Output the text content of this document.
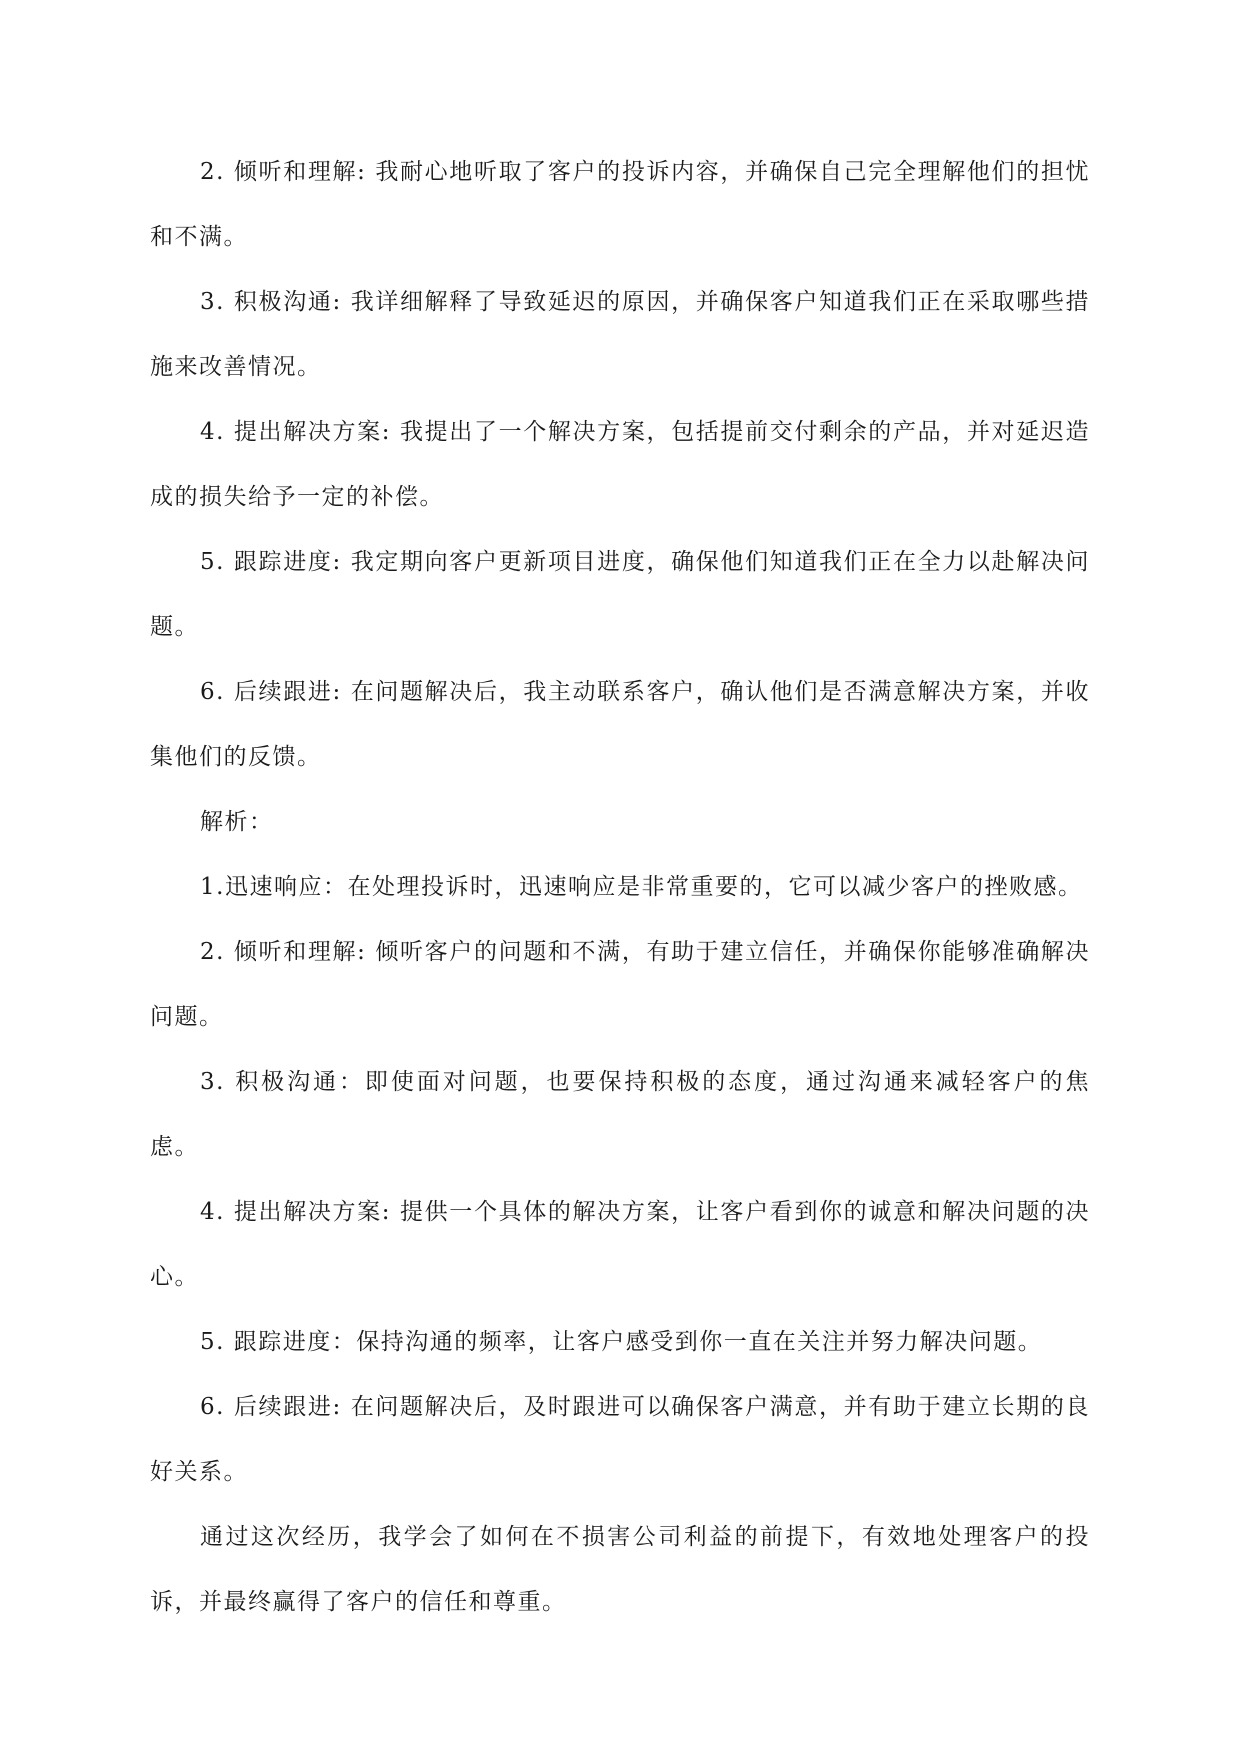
2. 倾听和理解: 我耐心地听取了客户的投诉内容，并确保自己完全理解他们的担忧和不满。

3. 积极沟通: 我详细解释了导致延迟的原因，并确保客户知道我们正在采取哪些措施来改善情况。

4. 提出解决方案: 我提出了一个解决方案，包括提前交付剩余的产品，并对延迟造成的损失给予一定的补偿。

5. 跟踪进度: 我定期向客户更新项目进度，确保他们知道我们正在全力以赴解决问题。

6. 后续跟进: 在问题解决后，我主动联系客户，确认他们是否满意解决方案，并收集他们的反馈。

解析：

1.迅速响应：在处理投诉时，迅速响应是非常重要的，它可以减少客户的挫败感。

2. 倾听和理解: 倾听客户的问题和不满，有助于建立信任，并确保你能够准确解决问题。

3. 积极沟通：即使面对问题，也要保持积极的态度，通过沟通来减轻客户的焦虑。

4. 提出解决方案: 提供一个具体的解决方案，让客户看到你的诚意和解决问题的决心。

5. 跟踪进度：保持沟通的频率，让客户感受到你一直在关注并努力解决问题。

6. 后续跟进: 在问题解决后，及时跟进可以确保客户满意，并有助于建立长期的良好关系。

通过这次经历，我学会了如何在不损害公司利益的前提下，有效地处理客户的投诉，并最终赢得了客户的信任和尊重。
